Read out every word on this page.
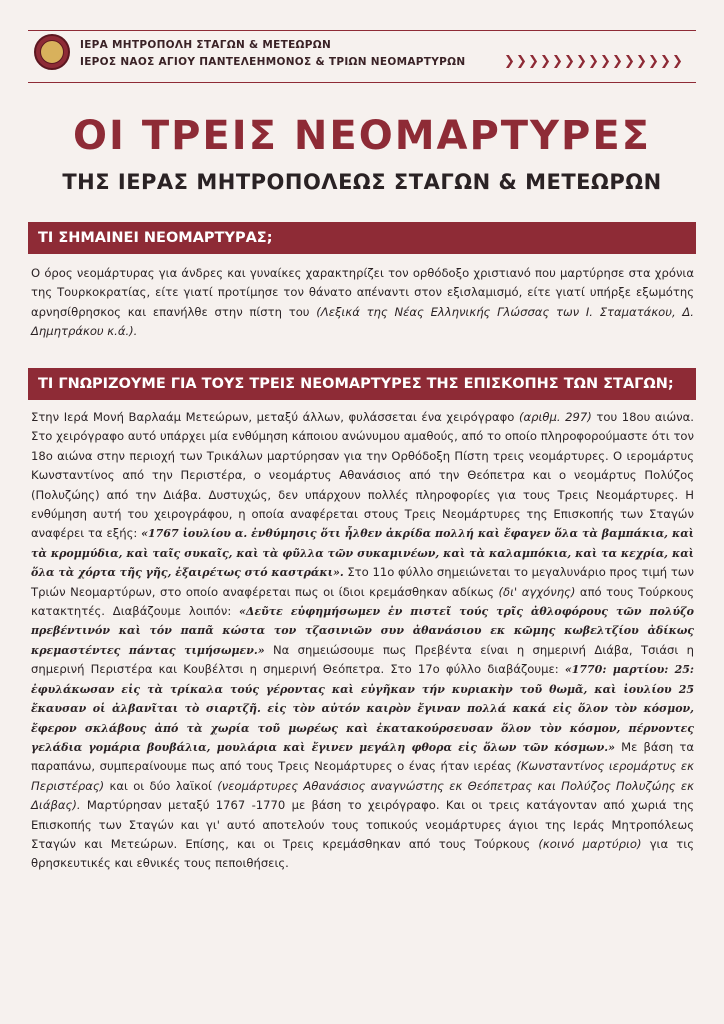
ΙΕΡΑ ΜΗΤΡΟΠΟΛΗ ΣΤΑΓΩΝ & ΜΕΤΕΩΡΩΝ
ΙΕΡΟΣ ΝΑΟΣ ΑΓΙΟΥ ΠΑΝΤΕΛΕΗΜΟΝΟΣ & ΤΡΙΩΝ ΝΕΟΜΑΡΤΥΡΩΝ	❯ ❯ ❯ ❯ ❯ ❯ ❯ ❯ ❯ ❯ ❯ ❯ ❯ ❯ ❯
ΟΙ ΤΡΕΙΣ ΝΕΟΜΑΡΤΥΡΕΣ
ΤΗΣ ΙΕΡΑΣ ΜΗΤΡΟΠΟΛΕΩΣ ΣΤΑΓΩΝ & ΜΕΤΕΩΡΩΝ
ΤΙ ΣΗΜΑΙΝΕΙ ΝΕΟΜΑΡΤΥΡΑΣ;

Ο όρος νεομάρτυρας για άνδρες και γυναίκες χαρακτηρίζει τον ορθόδοξο χριστιανό που μαρτύρησε στα χρόνια της Τουρκοκρατίας, είτε γιατί προτίμησε τον θάνατο απέναντι στον εξισλαμισμό, είτε γιατί υπήρξε εξωμότης αρνησίθρησκος και επανήλθε στην πίστη του (Λεξικά της Νέας Ελληνικής Γλώσσας των Ι. Σταματάκου, Δ. Δημητράκου κ.ά.).

ΤΙ ΓΝΩΡΙΖΟΥΜΕ ΓΙΑ ΤΟΥΣ ΤΡΕΙΣ ΝΕΟΜΑΡΤΥΡΕΣ ΤΗΣ ΕΠΙΣΚΟΠΗΣ ΤΩΝ ΣΤΑΓΩΝ;

Στην Ιερά Μονή Βαρλαάμ Μετεώρων, μεταξύ άλλων, φυλάσσεται ένα χειρόγραφο (αριθμ. 297) του 18ου αιώνα. Στο χειρόγραφο αυτό υπάρχει μία ενθύμηση κάποιου ανώνυμου αμαθούς, από το οποίο πληροφορούμαστε ότι τον 18ο αιώνα στην περιοχή των Τρικάλων μαρτύρησαν για την Ορθόδοξη Πίστη τρεις νεομάρτυρες. Ο ιερομάρτυς Κωνσταντίνος από την Περιστέρα, ο νεομάρτυς Αθανάσιος από την Θεόπετρα και ο νεομάρτυς Πολύζος (Πολυζώης) από την Διάβα. Δυστυχώς, δεν υπάρχουν πολλές πληροφορίες για τους Τρεις Νεομάρτυρες. Η ενθύμηση αυτή του χειρογράφου, η οποία αναφέρεται στους Τρεις Νεομάρτυρες της Επισκοπής των Σταγών αναφέρει τα εξής: «1767 ἰουλίου α. ἐνθύμησις ὅτι ἦλθεν ἀκρίδα πολλή καὶ ἔφαγεν ὅλα τὰ βαμπάκια, καὶ τὰ κρομμύδια, καὶ ταῖς συκαῖς, καὶ τὰ φῦλλα τῶν συκαμινέων, καὶ τὰ καλαμπόκια, καὶ τα κεχρία, καὶ ὅλα τὰ χόρτα τῆς γῆς, ἐξαιρέτως στό καστράκι». Στο 11ο φύλλο σημειώνεται το μεγαλυνάριο προς τιμή των Τριών Νεομαρτύρων, στο οποίο αναφέρεται πως οι ίδιοι κρεμάσθηκαν αδίκως (δι' αγχόνης) από τους Τούρκους κατακτητές. Διαβάζουμε λοιπόν: «Δεῦτε εὐφημήσωμεν ἐν πιστεῖ τούς τρῖς ἀθλοφόρους τῶν πολύζο πρεβέντινόν καὶ τόν παπᾶ κώστα τον τζασινιῶν συν ἀθανάσιου εκ κῶμης κωβελτζίου ἀδίκως κρεμαστέντες πάντας τιμήσωμεν.» Να σημειώσουμε πως Πρεβέντα είναι η σημερινή Διάβα, Τσιάσι η σημερινή Περιστέρα και Κουβέλτσι η σημερινή Θεόπετρα. Στο 17ο φύλλο διαβάζουμε: «1770: μαρτίου: 25: ἐφυλάκωσαν εἰς τὰ τρίκαλα τούς γέροντας καὶ εὐγῆκαν τήν κυριακὴν τοῦ θωμᾶ, καὶ ἰουλίου 25 ἔκαυσαν οἱ ἀλβανῖται τὸ σιαρτζῆ. εἰς τὸν αὐτόν καιρὸν ἔγιναν πολλά κακά εἰς ὅλον τὸν κόσμον, ἔφερον σκλάβους ἀπό τὰ χωρία τοῦ μωρέως καὶ ἐκατακούρσευσαν ὅλον τὸν κόσμον, πέρνοντες γελάδια γομάρια βουβάλια, μουλάρια καὶ ἔγινεν μεγάλη φθορα εἰς ὅλων τῶν κόσμων.» Με βάση τα παραπάνω, συμπεραίνουμε πως από τους Τρεις Νεομάρτυρες ο ένας ήταν ιερέας (Κωνσταντίνος ιερομάρτυς εκ Περιστέρας) και οι δύο λαϊκοί (νεομάρτυρες Αθανάσιος αναγνώστης εκ Θεόπετρας και Πολύζος Πολυζώης εκ Διάβας). Μαρτύρησαν μεταξύ 1767 -1770 με βάση το χειρόγραφο. Και οι τρεις κατάγονταν από χωριά της Επισκοπής των Σταγών και γι' αυτό αποτελούν τους τοπικούς νεομάρτυρες άγιοι της Ιεράς Μητροπόλεως Σταγών και Μετεώρων. Επίσης, και οι Τρεις κρεμάσθηκαν από τους Τούρκους (κοινό μαρτύριο) για τις θρησκευτικές και εθνικές τους πεποιθήσεις.
